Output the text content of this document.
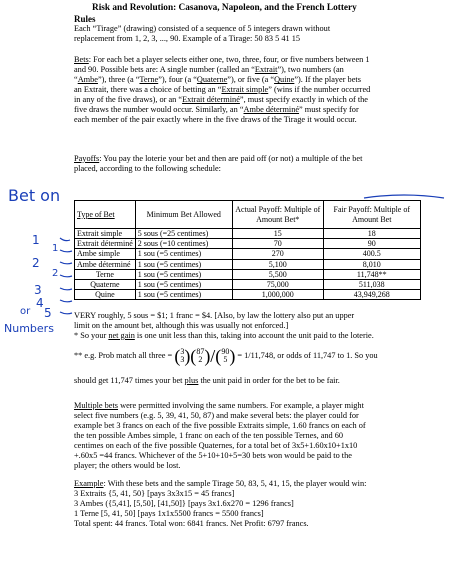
Risk and Revolution: Casanova, Napoleon, and the French Lottery
Rules
Each “Tirage” (drawing) consisted of a sequence of 5 integers drawn without
replacement from 1, 2, 3, ..., 90. Example of a Tirage: 50 83 5 41 15
Bets: For each bet a player selects either one, two, three, four, or five numbers between 1
and 90. Possible bets are: A single number (called an “Extrait”), two numbers (an
“Ambe”), three (a “Terne”), four (a “Quaterne”), or five (a “Quine”). If the player bets
an Extrait, there was a choice of betting an “Extrait simple” (wins if the number occurred
in any of the five draws), or an “Extrait déterminé”, must specify exactly in which of the
five draws the number would occur. Similarly, an “Ambe déterminé” must specify for
each member of the pair exactly where in the five draws of the Tirage it would occur.
Payoffs: You pay the loterie your bet and then are paid off (or not) a multiple of the bet
placed, according to the following schedule:
Bet on
1
1
2
2
3
4
or 5
Numbers
Type of Bet	Minimum Bet Allowed	Actual Payoff: Multiple of Amount Bet*	Fair Payoff: Multiple of Amount Bet
Extrait simple	5 sous (=25 centimes)	15	18
Extrait déterminé	2 sous (=10 centimes)	70	90
Ambe simple	1 sou (=5 centimes)	270	400.5
Ambe déterminé	1 sou (=5 centimes)	5,100	8,010
Terne	1 sou (=5 centimes)	5,500	11,748**
Quaterne	1 sou (=5 centimes)	75,000	511,038
Quine	1 sou (=5 centimes)	1,000,000	43,949,268
VERY roughly, 5 sous = $1; 1 franc = $4. [Also, by law the lottery also put an upper
limit on the amount bet, although this was usually not enforced.]
* So your net gain is one unit less than this, taking into account the unit paid to the loterie.
** e.g. Prob match all three = (3
3)(87
2 )/(90
5 ) = 1/11,748, or odds of 11,747 to 1. So you
should get 11,747 times your bet plus the unit paid in order for the bet to be fair.
Multiple bets were permitted involving the same numbers. For example, a player might
select five numbers (e.g. 5, 39, 41, 50, 87) and make several bets: the player could for
example bet 3 francs on each of the five possible Extraits simple, 1.60 francs on each of
the ten possible Ambes simple, 1 franc on each of the ten possible Ternes, and 60
centimes on each of the five possible Quaternes, for a total bet of 3x5+1.60x10+1x10
+.60x5 =44 francs. Whichever of the 5+10+10+5=30 bets won would be paid to the
player; the others would be lost.
Example: With these bets and the sample Tirage 50, 83, 5, 41, 15, the player would win:
3 Extraits {5, 41, 50} [pays 3x3x15 = 45 francs]
3 Ambes ({5,41], [5,50], [41,50]} [pays 3x1.6x270 = 1296 francs]
1 Terne [5, 41, 50] [pays 1x1x5500 francs = 5500 francs]
Total spent: 44 francs. Total won: 6841 francs. Net Profit: 6797 francs.
